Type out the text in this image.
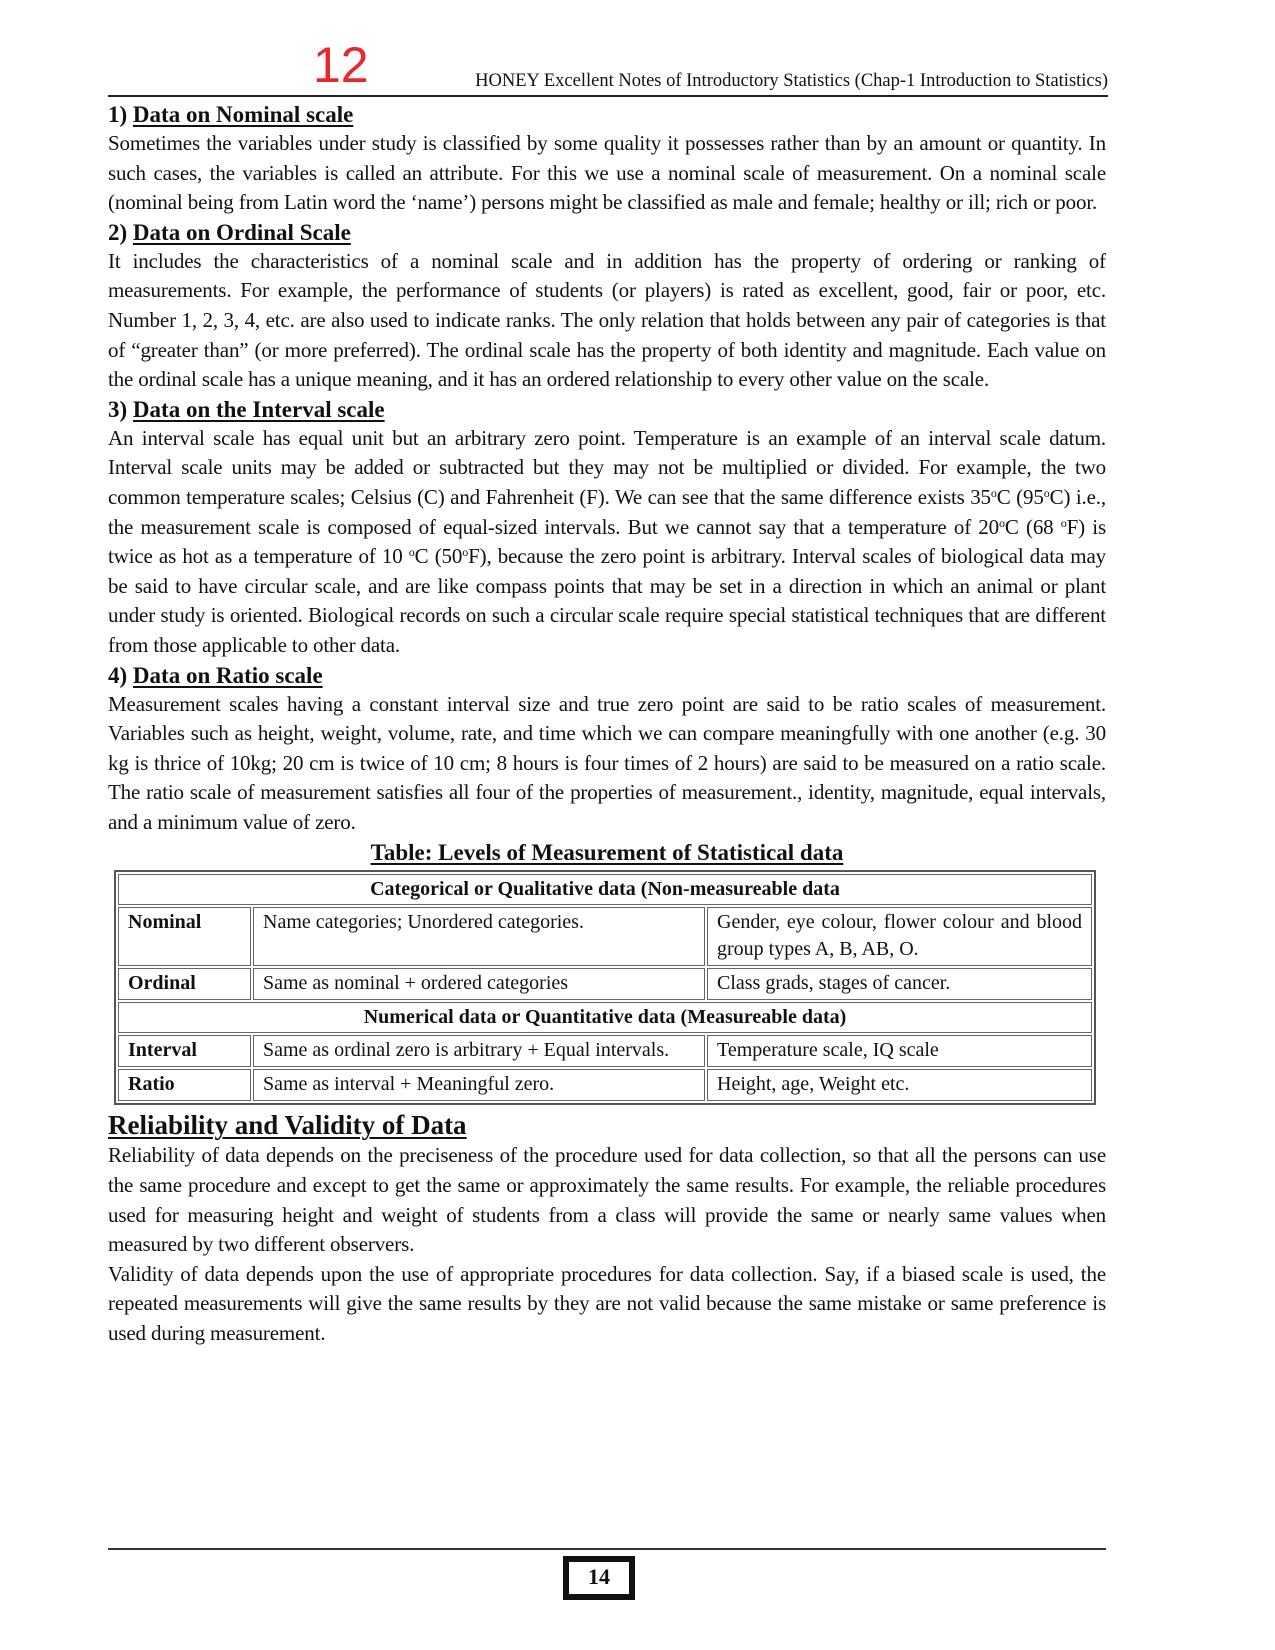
12	HONEY Excellent Notes of Introductory Statistics (Chap-1 Introduction to Statistics)
1) Data on Nominal scale

Sometimes the variables under study is classified by some quality it possesses rather than by an amount or quantity. In such cases, the variables is called an attribute. For this we use a nominal scale of measurement. On a nominal scale (nominal being from Latin word the ‘name’) persons might be classified as male and female; healthy or ill; rich or poor.

2) Data on Ordinal Scale

It includes the characteristics of a nominal scale and in addition has the property of ordering or ranking of measurements. For example, the performance of students (or players) is rated as excellent, good, fair or poor, etc. Number 1, 2, 3, 4, etc. are also used to indicate ranks. The only relation that holds between any pair of categories is that of “greater than” (or more preferred). The ordinal scale has the property of both identity and magnitude. Each value on the ordinal scale has a unique meaning, and it has an ordered relationship to every other value on the scale.

3) Data on the Interval scale

An interval scale has equal unit but an arbitrary zero point. Temperature is an example of an interval scale datum. Interval scale units may be added or subtracted but they may not be multiplied or divided. For example, the two common temperature scales; Celsius (C) and Fahrenheit (F). We can see that the same difference exists 35$^o$C (95$^o$C) i.e., the measurement scale is composed of equal-sized intervals. But we cannot say that a temperature of 20$^o$C (68 $^o$F) is twice as hot as a temperature of 10 $^o$C (50$^o$F), because the zero point is arbitrary. Interval scales of biological data may be said to have circular scale, and are like compass points that may be set in a direction in which an animal or plant under study is oriented. Biological records on such a circular scale require special statistical techniques that are different from those applicable to other data.

4) Data on Ratio scale

Measurement scales having a constant interval size and true zero point are said to be ratio scales of measurement. Variables such as height, weight, volume, rate, and time which we can compare meaningfully with one another (e.g. 30 kg is thrice of 10kg; 20 cm is twice of 10 cm; 8 hours is four times of 2 hours) are said to be measured on a ratio scale. The ratio scale of measurement satisfies all four of the properties of measurement., identity, magnitude, equal intervals, and a minimum value of zero.

Table: Levels of Measurement of Statistical data
Categorical or Qualitative data (Non-measureable data		
Nominal	Name categories; Unordered categories.	Gender, eye colour, flower colour and blood group types A, B, AB, O.
Ordinal	Same as nominal + ordered categories	Class grads, stages of cancer.
Numerical data or Quantitative data (Measureable data)		
Interval	Same as ordinal zero is arbitrary + Equal intervals.	Temperature scale, IQ scale
Ratio	Same as interval + Meaningful zero.	Height, age, Weight etc.
Reliability and Validity of Data

Reliability of data depends on the preciseness of the procedure used for data collection, so that all the persons can use the same procedure and except to get the same or approximately the same results. For example, the reliable procedures used for measuring height and weight of students from a class will provide the same or nearly same values when measured by two different observers.

Validity of data depends upon the use of appropriate procedures for data collection. Say, if a biased scale is used, the repeated measurements will give the same results by they are not valid because the same mistake or same preference is used during measurement.

14
